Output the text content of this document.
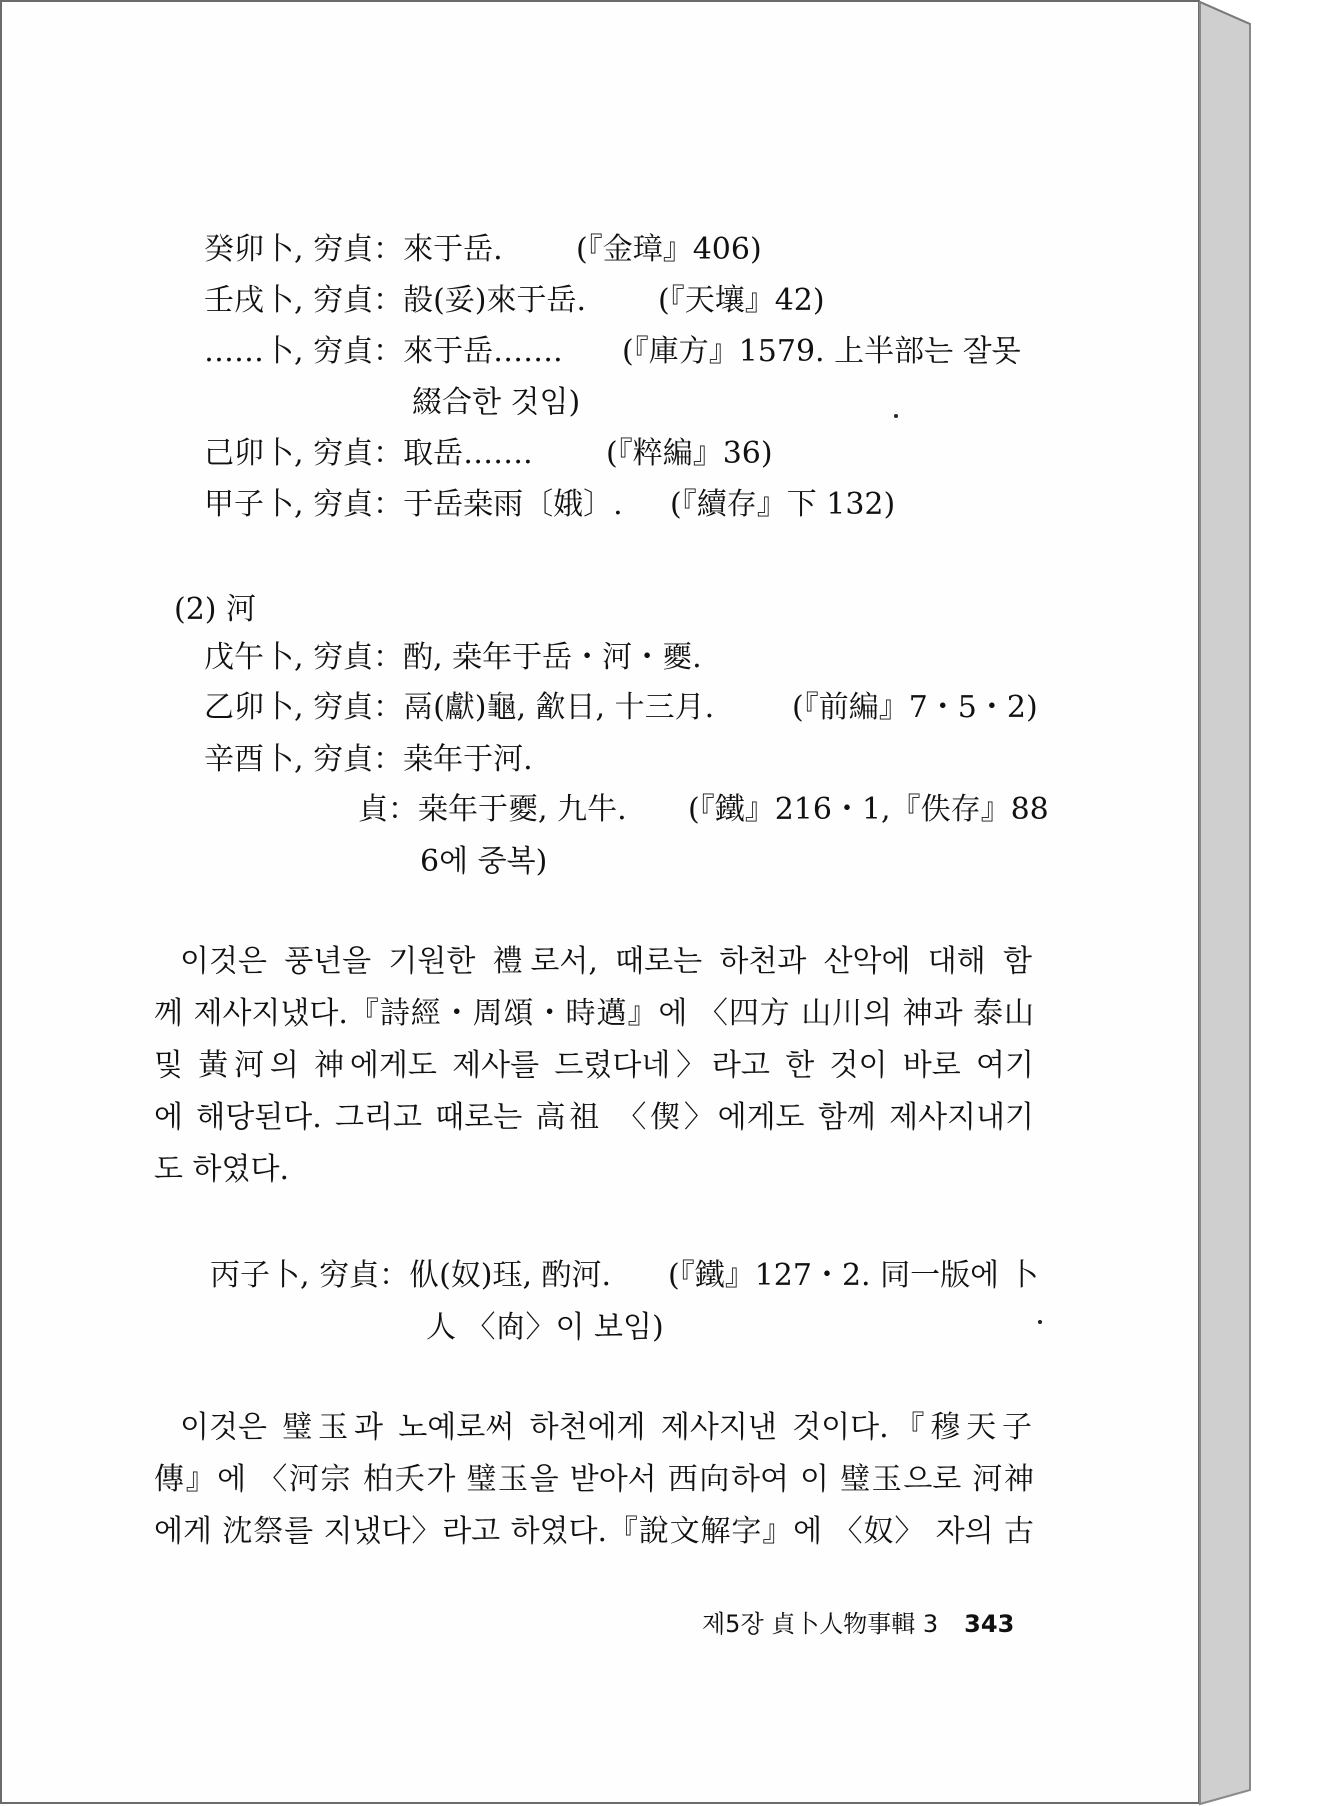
癸卯卜, 穷貞：來于岳. (『金璋』406)
壬戌卜, 穷貞：㱿(妥)來于岳. (『天壤』42)
……卜, 穷貞：來于岳……. (『庫方』1579. 上半部는 잘못
綴合한 것임)
己卯卜, 穷貞：取岳……. (『粹編』36)
甲子卜, 穷貞：于岳桒雨〔娥〕. (『續存』下 132)
(2) 河
戊午卜, 穷貞：酌, 桒年于岳・河・夒.
乙卯卜, 穷貞：鬲(獻)龜, 㱃日, 十三月.	(『前編』7・5・2)
辛酉卜, 穷貞：桒年于河.
貞：桒年于夒, 九牛. (『鐵』216・1,『佚存』88
6에 중복)
이것은 풍년을 기원한 禮로서, 때로는 하천과 산악에 대해 함
께 제사지냈다.『詩經・周頌・時邁』에 〈四方 山川의 神과 泰山
및 黃河의 神에게도 제사를 드렸다네〉라고 한 것이 바로 여기
에 해당된다. 그리고 때로는 高祖 〈偰〉에게도 함께 제사지내기
도 하였다.
丙子卜, 穷貞：㐺(奴)珏, 酌河. (『鐵』127・2. 同一版에 卜
人 〈㕯〉이 보임)
이것은 璧玉과 노예로써 하천에게 제사지낸 것이다.『穆天子
傳』에 〈河宗 柏夭가 璧玉을 받아서 西向하여 이 璧玉으로 河神
에게 沈祭를 지냈다〉라고 하였다.『說文解字』에 〈奴〉 자의 古
제5장 貞卜人物事輯 3 343
